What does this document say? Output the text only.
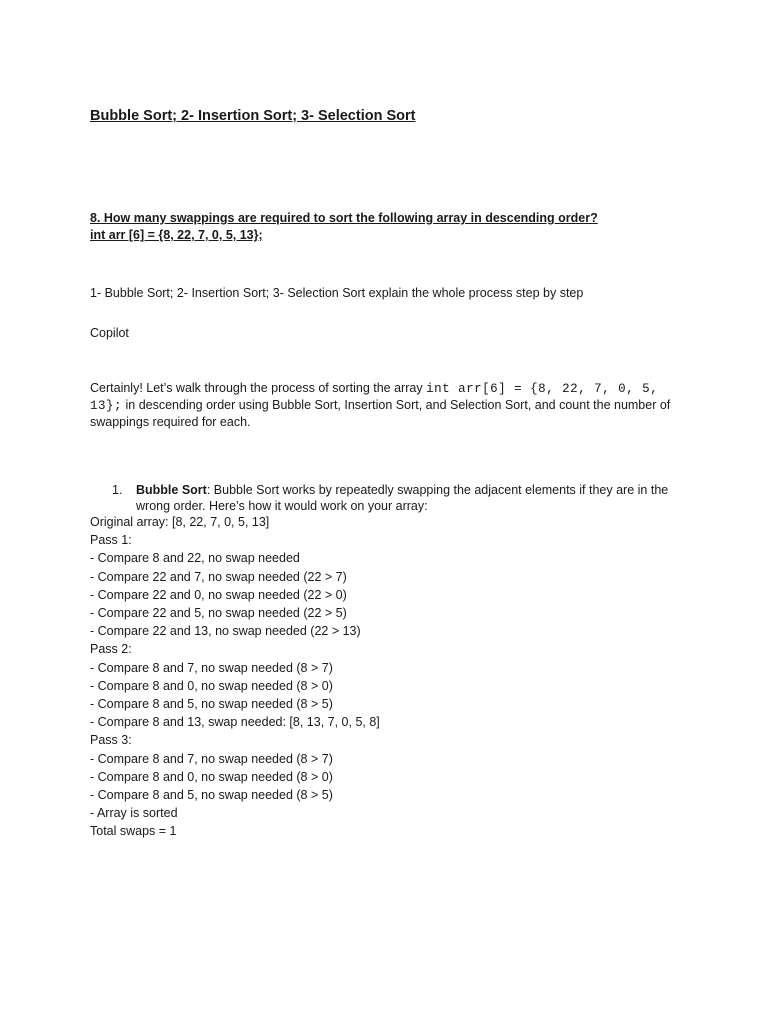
Bubble Sort; 2- Insertion Sort; 3- Selection Sort
8. How many swappings are required to sort the following array in descending order?
int arr [6] = {8, 22, 7, 0, 5, 13};
1- Bubble Sort; 2- Insertion Sort; 3- Selection Sort explain the whole process step by step
Copilot
Certainly! Let’s walk through the process of sorting the array int arr[6] = {8, 22, 7, 0, 5,
13}; in descending order using Bubble Sort, Insertion Sort, and Selection Sort, and count the number of swappings required for each.
1. Bubble Sort: Bubble Sort works by repeatedly swapping the adjacent elements if they are in the wrong order. Here’s how it would work on your array:
Original array: [8, 22, 7, 0, 5, 13]
Pass 1:
- Compare 8 and 22, no swap needed
- Compare 22 and 7, no swap needed (22 > 7)
- Compare 22 and 0, no swap needed (22 > 0)
- Compare 22 and 5, no swap needed (22 > 5)
- Compare 22 and 13, no swap needed (22 > 13)
Pass 2:
- Compare 8 and 7, no swap needed (8 > 7)
- Compare 8 and 0, no swap needed (8 > 0)
- Compare 8 and 5, no swap needed (8 > 5)
- Compare 8 and 13, swap needed: [8, 13, 7, 0, 5, 8]
Pass 3:
- Compare 8 and 7, no swap needed (8 > 7)
- Compare 8 and 0, no swap needed (8 > 0)
- Compare 8 and 5, no swap needed (8 > 5)
- Array is sorted
Total swaps = 1
